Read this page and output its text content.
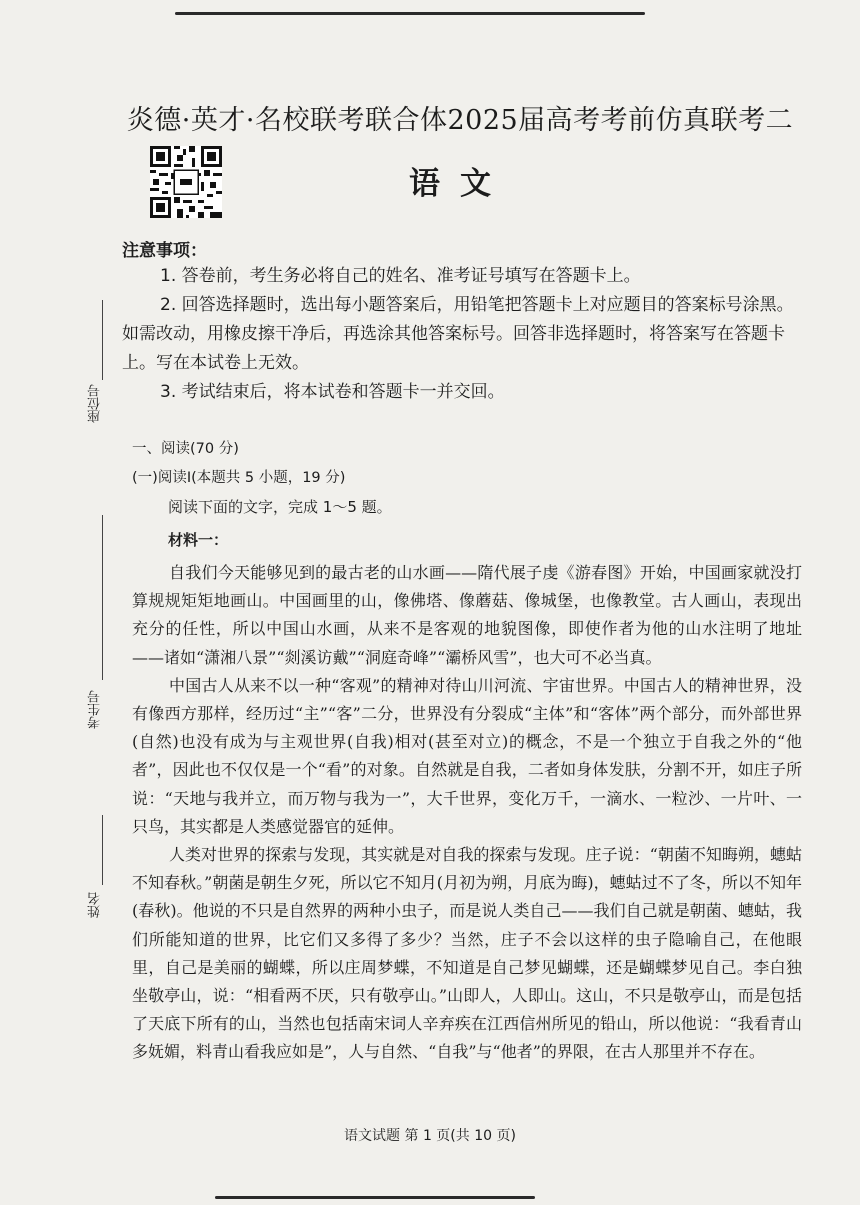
炎德·英才·名校联考联合体2025届高考考前仿真联考二
语文
座位号
考生号
姓名
注意事项：

1. 答卷前，考生务必将自己的姓名、准考证号填写在答题卡上。

2. 回答选择题时，选出每小题答案后，用铅笔把答题卡上对应题目的答案标号涂黑。如需改动，用橡皮擦干净后，再选涂其他答案标号。回答非选择题时，将答案写在答题卡上。写在本试卷上无效。

3. 考试结束后，将本试卷和答题卡一并交回。

一、阅读(70 分)
(一)阅读Ⅰ(本题共 5 小题，19 分)
阅读下面的文字，完成 1～5 题。
材料一：

自我们今天能够见到的最古老的山水画——隋代展子虔《游春图》开始，中国画家就没打算规规矩矩地画山。中国画里的山，像佛塔、像蘑菇、像城堡，也像教堂。古人画山，表现出充分的任性，所以中国山水画，从来不是客观的地貌图像，即使作者为他的山水注明了地址——诸如“潇湘八景”“剡溪访戴”“洞庭奇峰”“灞桥风雪”，也大可不必当真。

中国古人从来不以一种“客观”的精神对待山川河流、宇宙世界。中国古人的精神世界，没有像西方那样，经历过“主”“客”二分，世界没有分裂成“主体”和“客体”两个部分，而外部世界(自然)也没有成为与主观世界(自我)相对(甚至对立)的概念，不是一个独立于自我之外的“他者”，因此也不仅仅是一个“看”的对象。自然就是自我，二者如身体发肤，分割不开，如庄子所说：“天地与我并立，而万物与我为一”，大千世界，变化万千，一滴水、一粒沙、一片叶、一只鸟，其实都是人类感觉器官的延伸。

人类对世界的探索与发现，其实就是对自我的探索与发现。庄子说：“朝菌不知晦朔，蟪蛄不知春秋。”朝菌是朝生夕死，所以它不知月(月初为朔，月底为晦)，蟪蛄过不了冬，所以不知年(春秋)。他说的不只是自然界的两种小虫子，而是说人类自己——我们自己就是朝菌、蟪蛄，我们所能知道的世界，比它们又多得了多少？当然，庄子不会以这样的虫子隐喻自己，在他眼里，自己是美丽的蝴蝶，所以庄周梦蝶，不知道是自己梦见蝴蝶，还是蝴蝶梦见自己。李白独坐敬亭山，说：“相看两不厌，只有敬亭山。”山即人，人即山。这山，不只是敬亭山，而是包括了天底下所有的山，当然也包括南宋词人辛弃疾在江西信州所见的铅山，所以他说：“我看青山多妩媚，料青山看我应如是”，人与自然、“自我”与“他者”的界限，在古人那里并不存在。

语文试题 第 1 页(共 10 页)
